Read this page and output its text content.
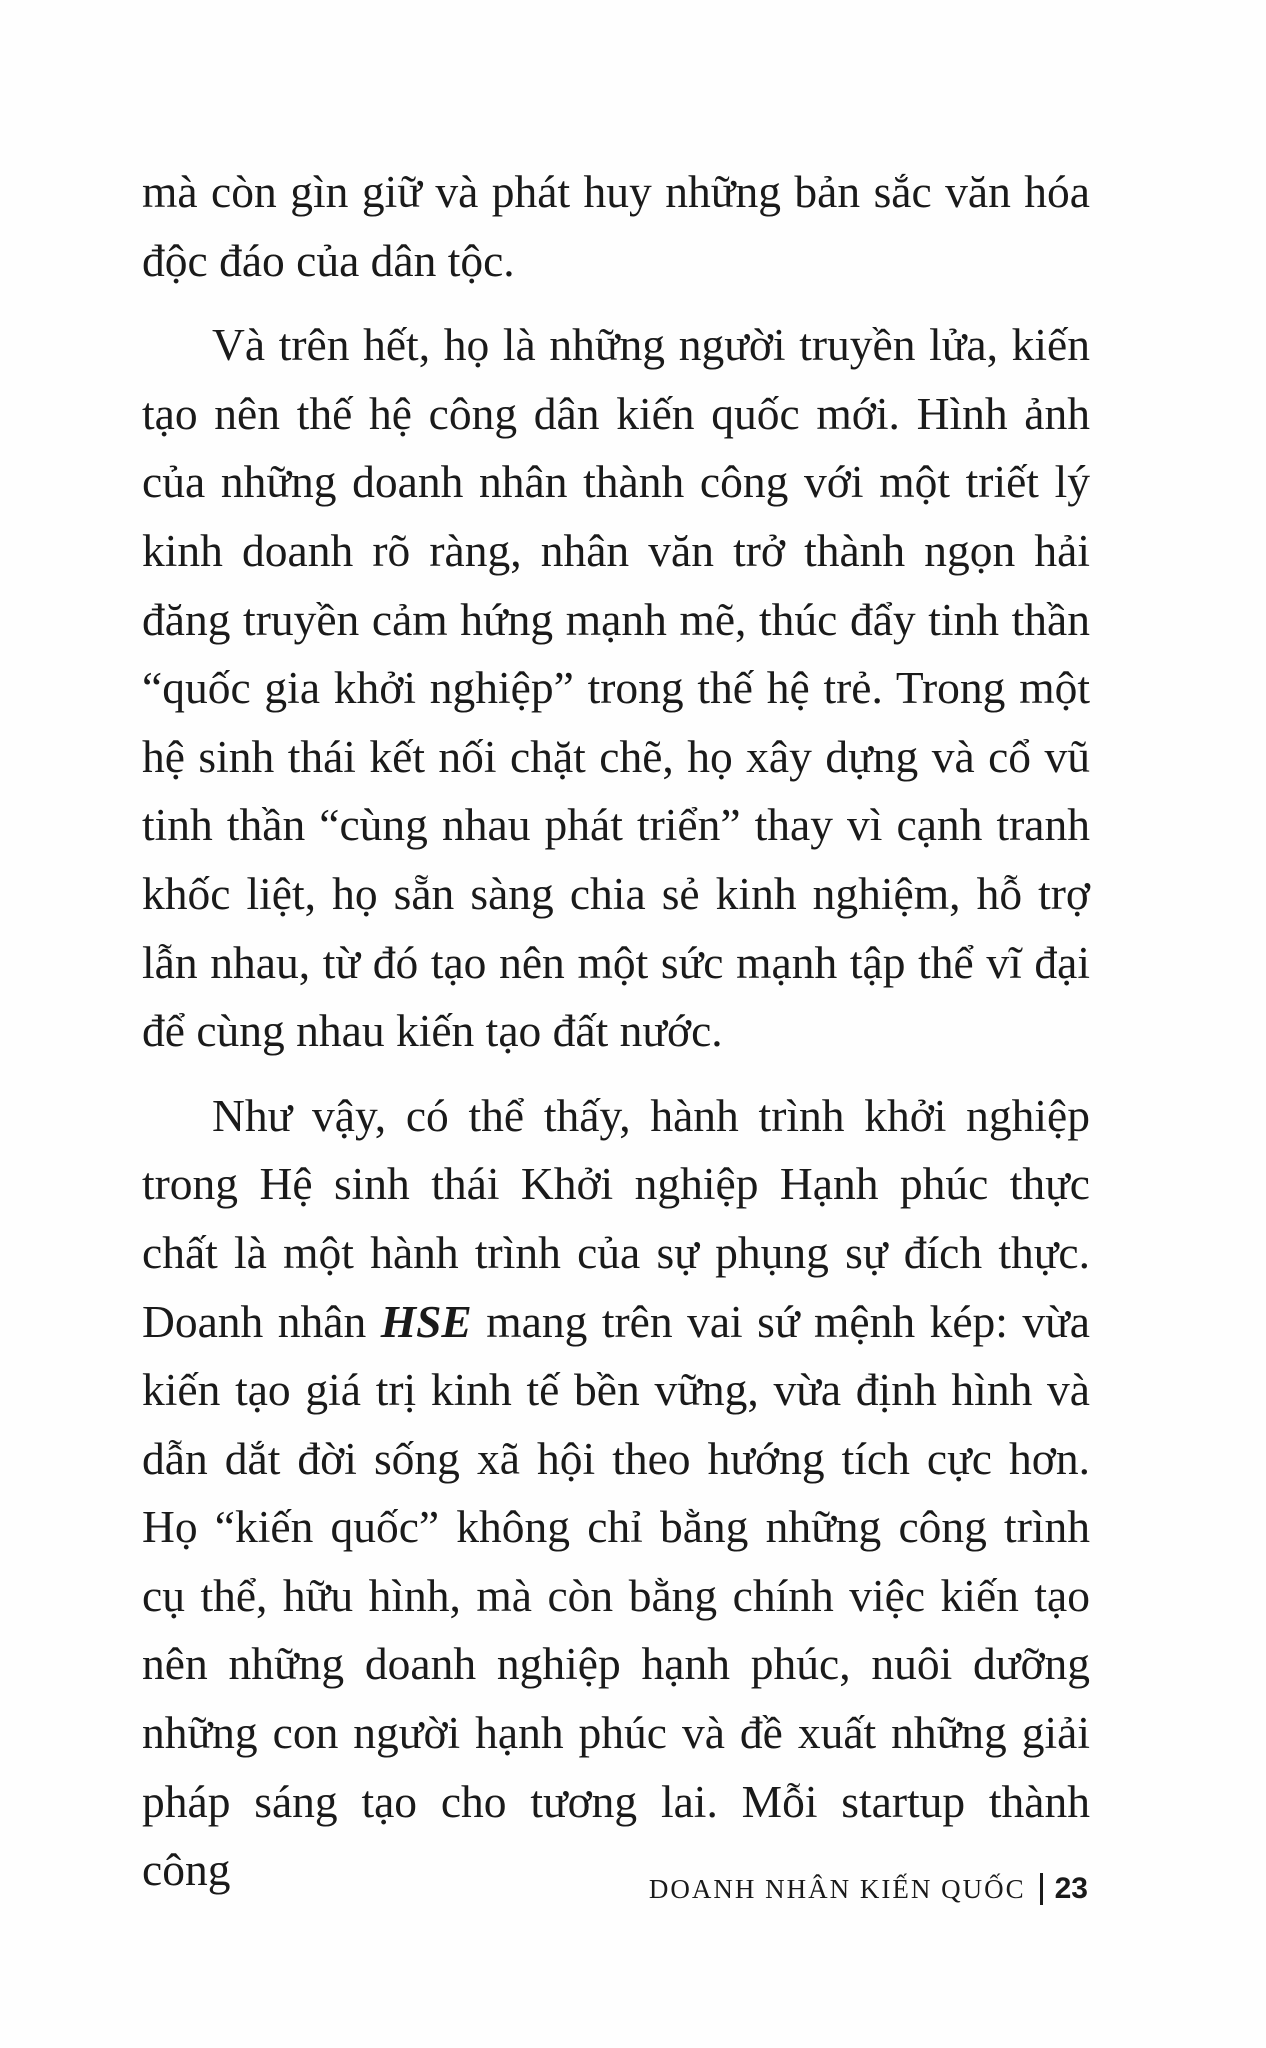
mà còn gìn giữ và phát huy những bản sắc văn hóa độc đáo của dân tộc.

Và trên hết, họ là những người truyền lửa, kiến tạo nên thế hệ công dân kiến quốc mới. Hình ảnh của những doanh nhân thành công với một triết lý kinh doanh rõ ràng, nhân văn trở thành ngọn hải đăng truyền cảm hứng mạnh mẽ, thúc đẩy tinh thần “quốc gia khởi nghiệp” trong thế hệ trẻ. Trong một hệ sinh thái kết nối chặt chẽ, họ xây dựng và cổ vũ tinh thần “cùng nhau phát triển” thay vì cạnh tranh khốc liệt, họ sẵn sàng chia sẻ kinh nghiệm, hỗ trợ lẫn nhau, từ đó tạo nên một sức mạnh tập thể vĩ đại để cùng nhau kiến tạo đất nước.

Như vậy, có thể thấy, hành trình khởi nghiệp trong Hệ sinh thái Khởi nghiệp Hạnh phúc thực chất là một hành trình của sự phụng sự đích thực. Doanh nhân HSE mang trên vai sứ mệnh kép: vừa kiến tạo giá trị kinh tế bền vững, vừa định hình và dẫn dắt đời sống xã hội theo hướng tích cực hơn. Họ “kiến quốc” không chỉ bằng những công trình cụ thể, hữu hình, mà còn bằng chính việc kiến tạo nên những doanh nghiệp hạnh phúc, nuôi dưỡng những con người hạnh phúc và đề xuất những giải pháp sáng tạo cho tương lai. Mỗi startup thành công	DOANH NHÂN KIẾN QUỐC 23
